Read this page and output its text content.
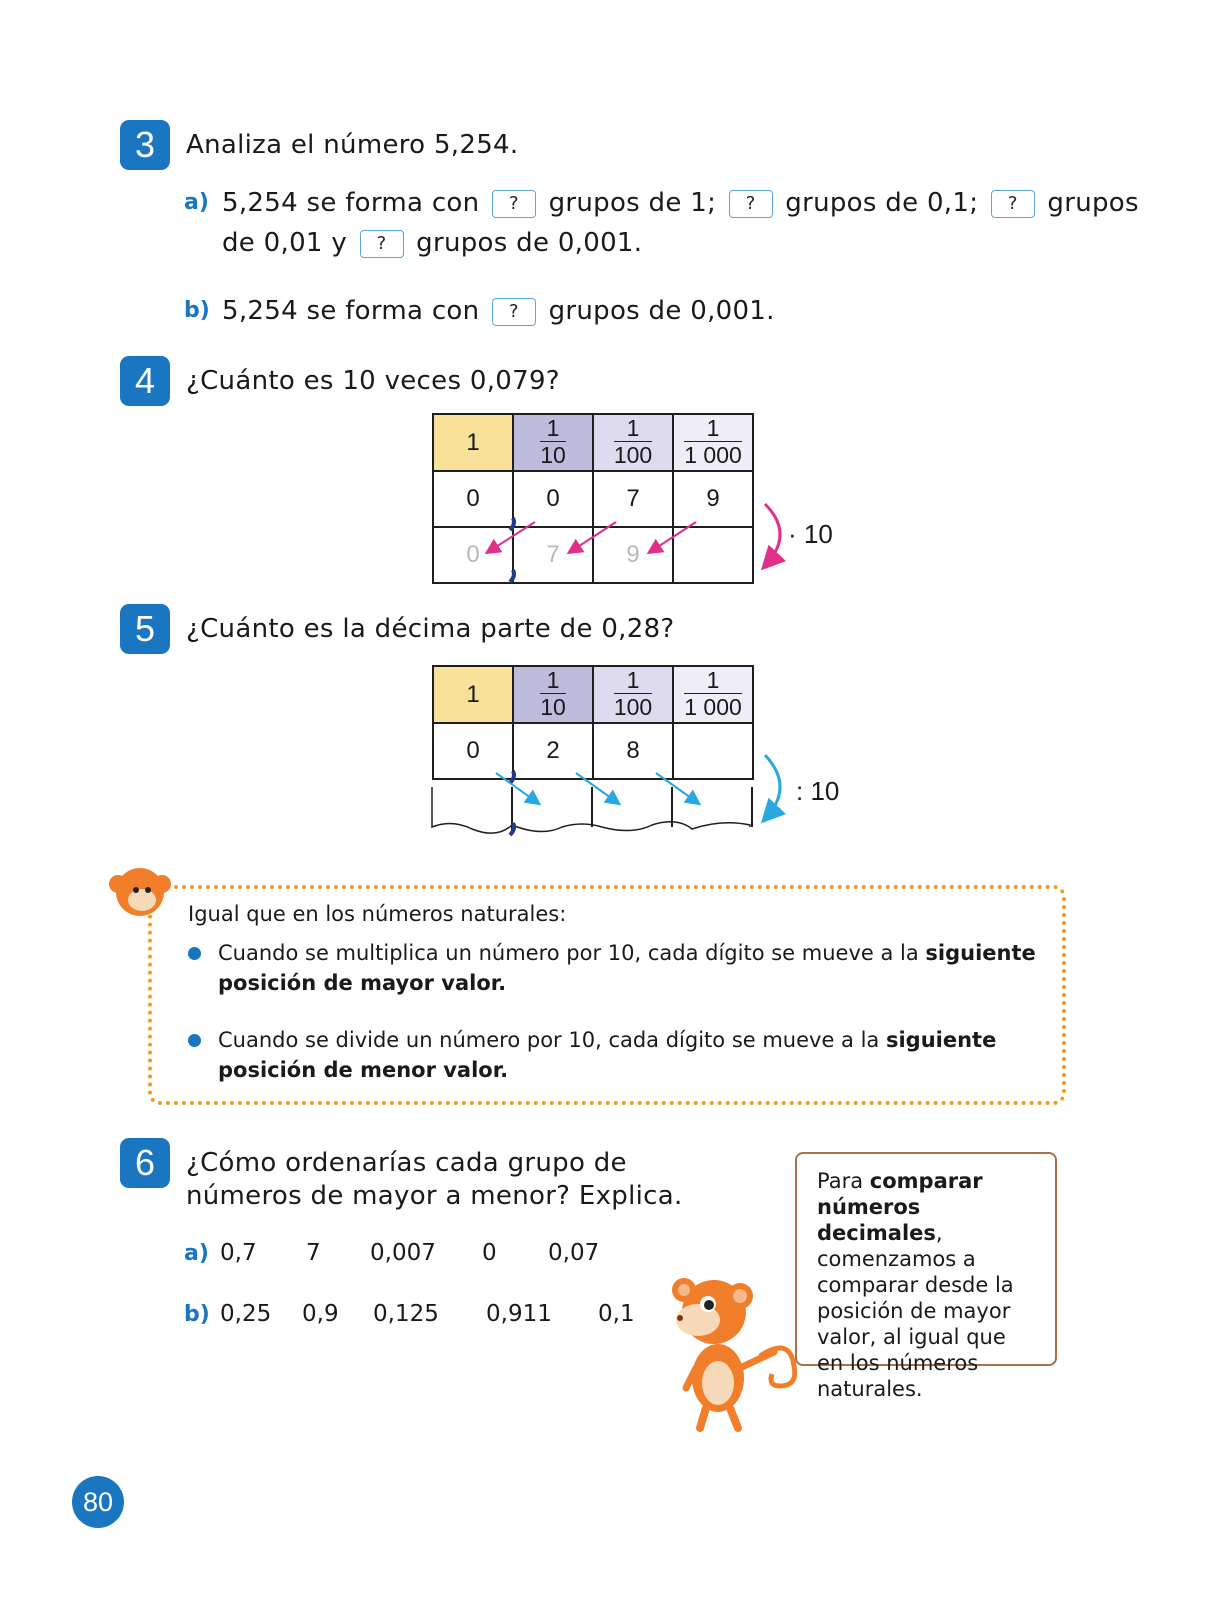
3	Analiza el número 5,254.
a) 5,254 se forma con ? grupos de 1; ? grupos de 0,1; ? grupos
de 0,01 y ? grupos de 0,001.
b) 5,254 se forma con ? grupos de 0,001.
4	¿Cuánto es 10 veces 0,079?
1	$\frac{1}{10}$	$\frac{1}{100}$	$\frac{1}{1 000}$

0	0	7	9
0	7	9	
· 10
5	¿Cuánto es la décima parte de 0,28?
1	$\frac{1}{10}$	$\frac{1}{100}$	$\frac{1}{1 000}$

0	2	8	
: 10
Igual que en los números naturales:
Cuando se multiplica un número por 10, cada dígito se mueve a la siguiente posición de mayor valor.
Cuando se divide un número por 10, cada dígito se mueve a la siguiente posición de menor valor.
6	¿Cómo ordenarías cada grupo de
números de mayor a menor? Explica.
a) 0,7 7 0,007 0 0,07
b) 0,25 0,9 0,125 0,911 0,1
Para comparar números decimales, comenzamos a comparar desde la posición de mayor valor, al igual que en los números naturales.
80
